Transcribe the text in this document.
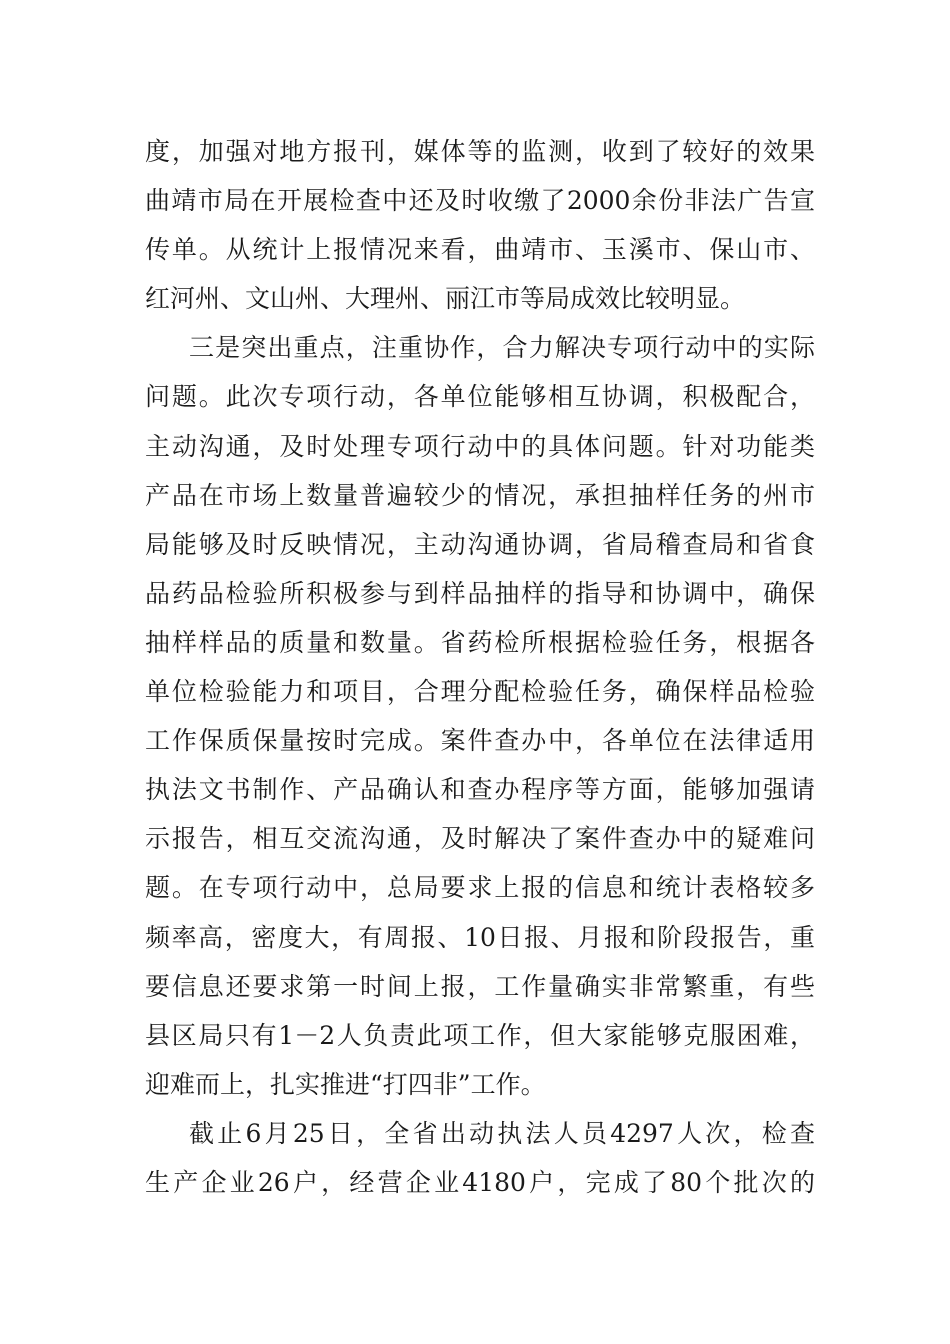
度，加强对地方报刊，媒体等的监测，收到了较好的效果
曲靖市局在开展检查中还及时收缴了2000余份非法广告宣
传单。从统计上报情况来看，曲靖市、玉溪市、保山市、
红河州、文山州、大理州、丽江市等局成效比较明显。
三是突出重点，注重协作，合力解决专项行动中的实际
问题。此次专项行动，各单位能够相互协调，积极配合，
主动沟通，及时处理专项行动中的具体问题。针对功能类
产品在市场上数量普遍较少的情况，承担抽样任务的州市
局能够及时反映情况，主动沟通协调，省局稽查局和省食
品药品检验所积极参与到样品抽样的指导和协调中，确保
抽样样品的质量和数量。省药检所根据检验任务，根据各
单位检验能力和项目，合理分配检验任务，确保样品检验
工作保质保量按时完成。案件查办中，各单位在法律适用
执法文书制作、产品确认和查办程序等方面，能够加强请
示报告，相互交流沟通，及时解决了案件查办中的疑难问
题。在专项行动中，总局要求上报的信息和统计表格较多
频率高，密度大，有周报、10日报、月报和阶段报告，重
要信息还要求第一时间上报，工作量确实非常繁重，有些
县区局只有1－2人负责此项工作，但大家能够克服困难，
迎难而上，扎实推进“打四非”工作。
截止6月25日，全省出动执法人员4297人次，检查
生产企业26户，经营企业4180户，完成了80个批次的
